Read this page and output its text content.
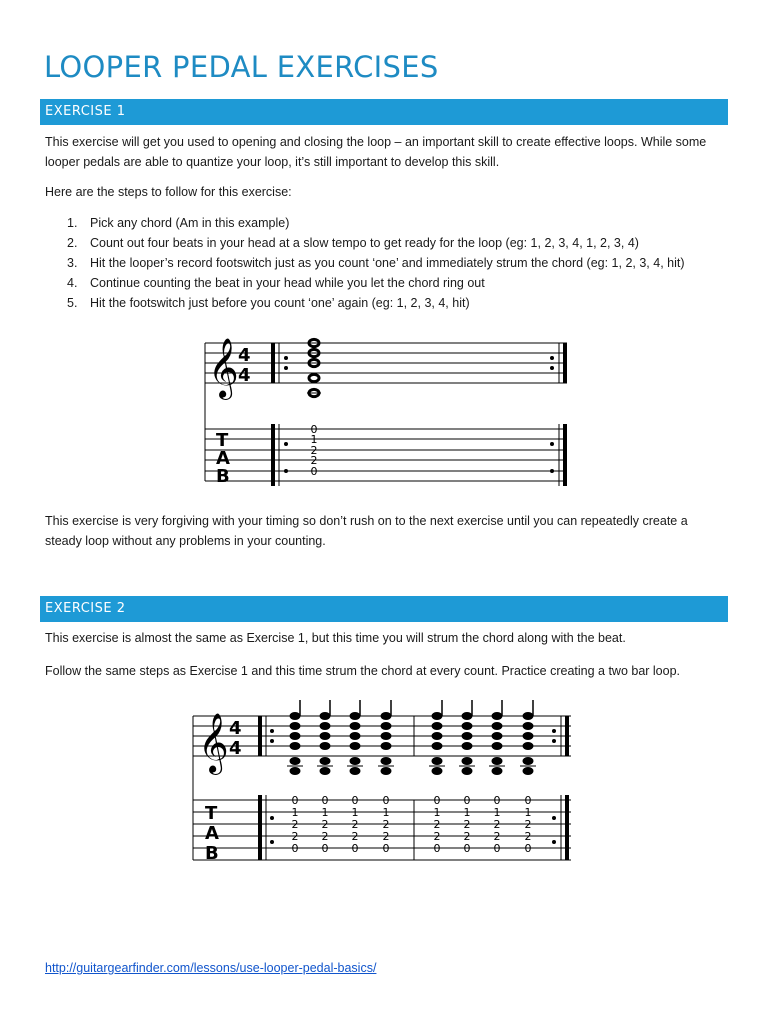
LOOPER PEDAL EXERCISES
EXERCISE 1

This exercise will get you used to opening and closing the loop – an important skill to create effective loops. While some

looper pedals are able to quantize your loop, it’s still important to develop this skill.

Here are the steps to follow for this exercise:

1. Pick any chord (Am in this example)
2. Count out four beats in your head at a slow tempo to get ready for the loop (eg: 1, 2, 3, 4, 1, 2, 3, 4)
3. Hit the looper’s record footswitch just as you count ‘one’ and immediately strum the chord (eg: 1, 2, 3, 4, hit)
4. Continue counting the beat in your head while you let the chord ring out
5. Hit the footswitch just before you count ‘one’ again (eg: 1, 2, 3, 4, hit)
𝄞 4
4
T
A
B
0
1
2
2
0

This exercise is very forgiving with your timing so don’t rush on to the next exercise until you can repeatedly create a

steady loop without any problems in your counting.

EXERCISE 2

This exercise is almost the same as Exercise 1, but this time you will strum the chord along with the beat.

Follow the same steps as Exercise 1 and this time strum the chord at every count. Practice creating a two bar loop.

𝄞 4
4
T
A
B
0
1
2
2
0
0
1
2
2
0
0
1
2
2
0
0
1
2
2
0
0
1
2
2
0
0
1
2
2
0
0
1
2
2
0
0
1
2
2
0
http://guitargearfinder.com/lessons/use-looper-pedal-basics/
